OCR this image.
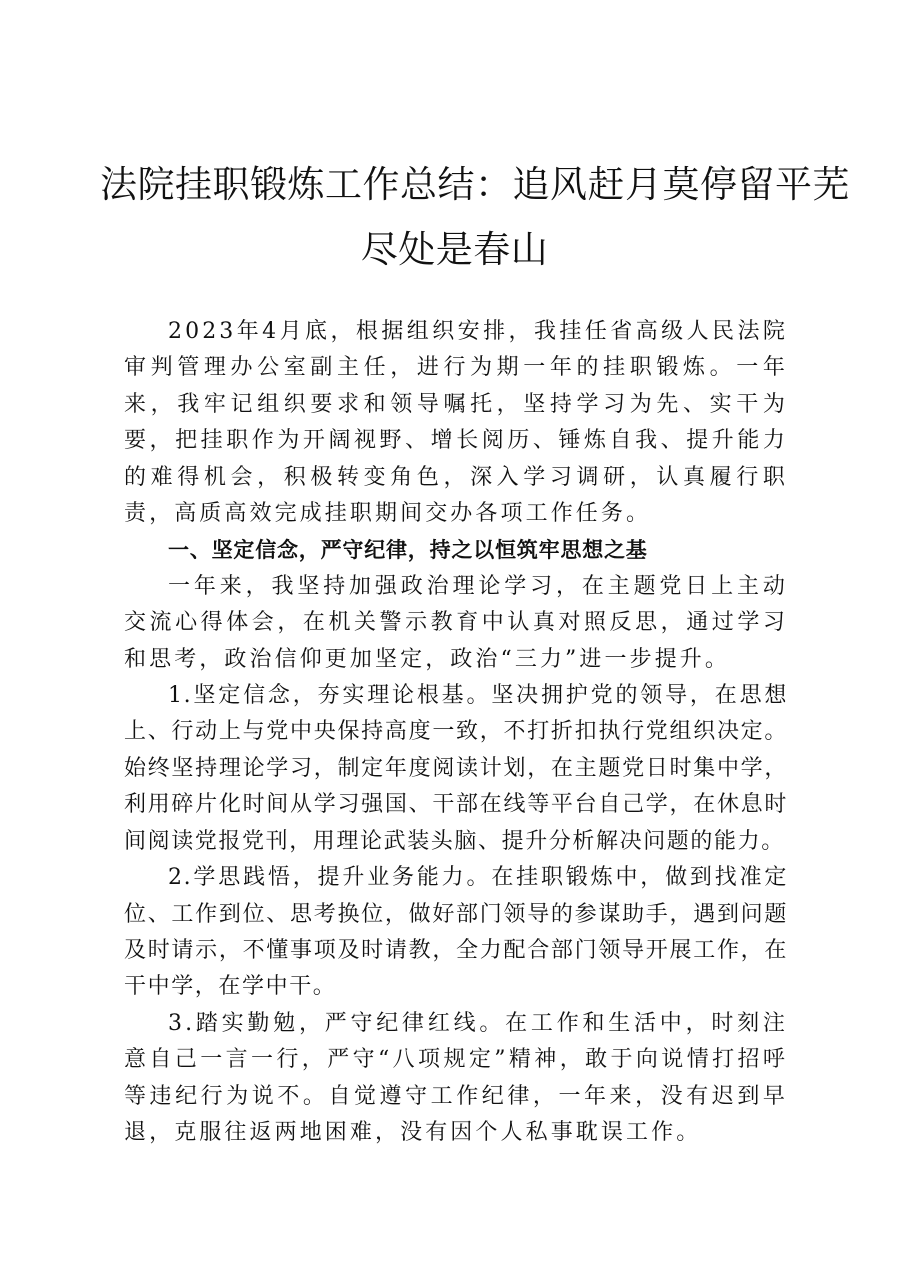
法院挂职锻炼工作总结：追风赶月莫停留平芜
尽处是春山

2023年4月底，根据组织安排，我挂任省高级人民法院审判管理办公室副主任，进行为期一年的挂职锻炼。一年来，我牢记组织要求和领导嘱托，坚持学习为先、实干为要，把挂职作为开阔视野、增长阅历、锤炼自我、提升能力的难得机会，积极转变角色，深入学习调研，认真履行职责，高质高效完成挂职期间交办各项工作任务。

一、坚定信念，严守纪律，持之以恒筑牢思想之基

一年来，我坚持加强政治理论学习，在主题党日上主动交流心得体会，在机关警示教育中认真对照反思，通过学习和思考，政治信仰更加坚定，政治“三力”进一步提升。

1.坚定信念，夯实理论根基。坚决拥护党的领导，在思想上、行动上与党中央保持高度一致，不打折扣执行党组织决定。始终坚持理论学习，制定年度阅读计划，在主题党日时集中学，利用碎片化时间从学习强国、干部在线等平台自己学，在休息时间阅读党报党刊，用理论武装头脑、提升分析解决问题的能力。

2.学思践悟，提升业务能力。在挂职锻炼中，做到找准定位、工作到位、思考换位，做好部门领导的参谋助手，遇到问题及时请示，不懂事项及时请教，全力配合部门领导开展工作，在干中学，在学中干。

3.踏实勤勉，严守纪律红线。在工作和生活中，时刻注意自己一言一行，严守“八项规定”精神，敢于向说情打招呼等违纪行为说不。自觉遵守工作纪律，一年来，没有迟到早退，克服往返两地困难，没有因个人私事耽误工作。
